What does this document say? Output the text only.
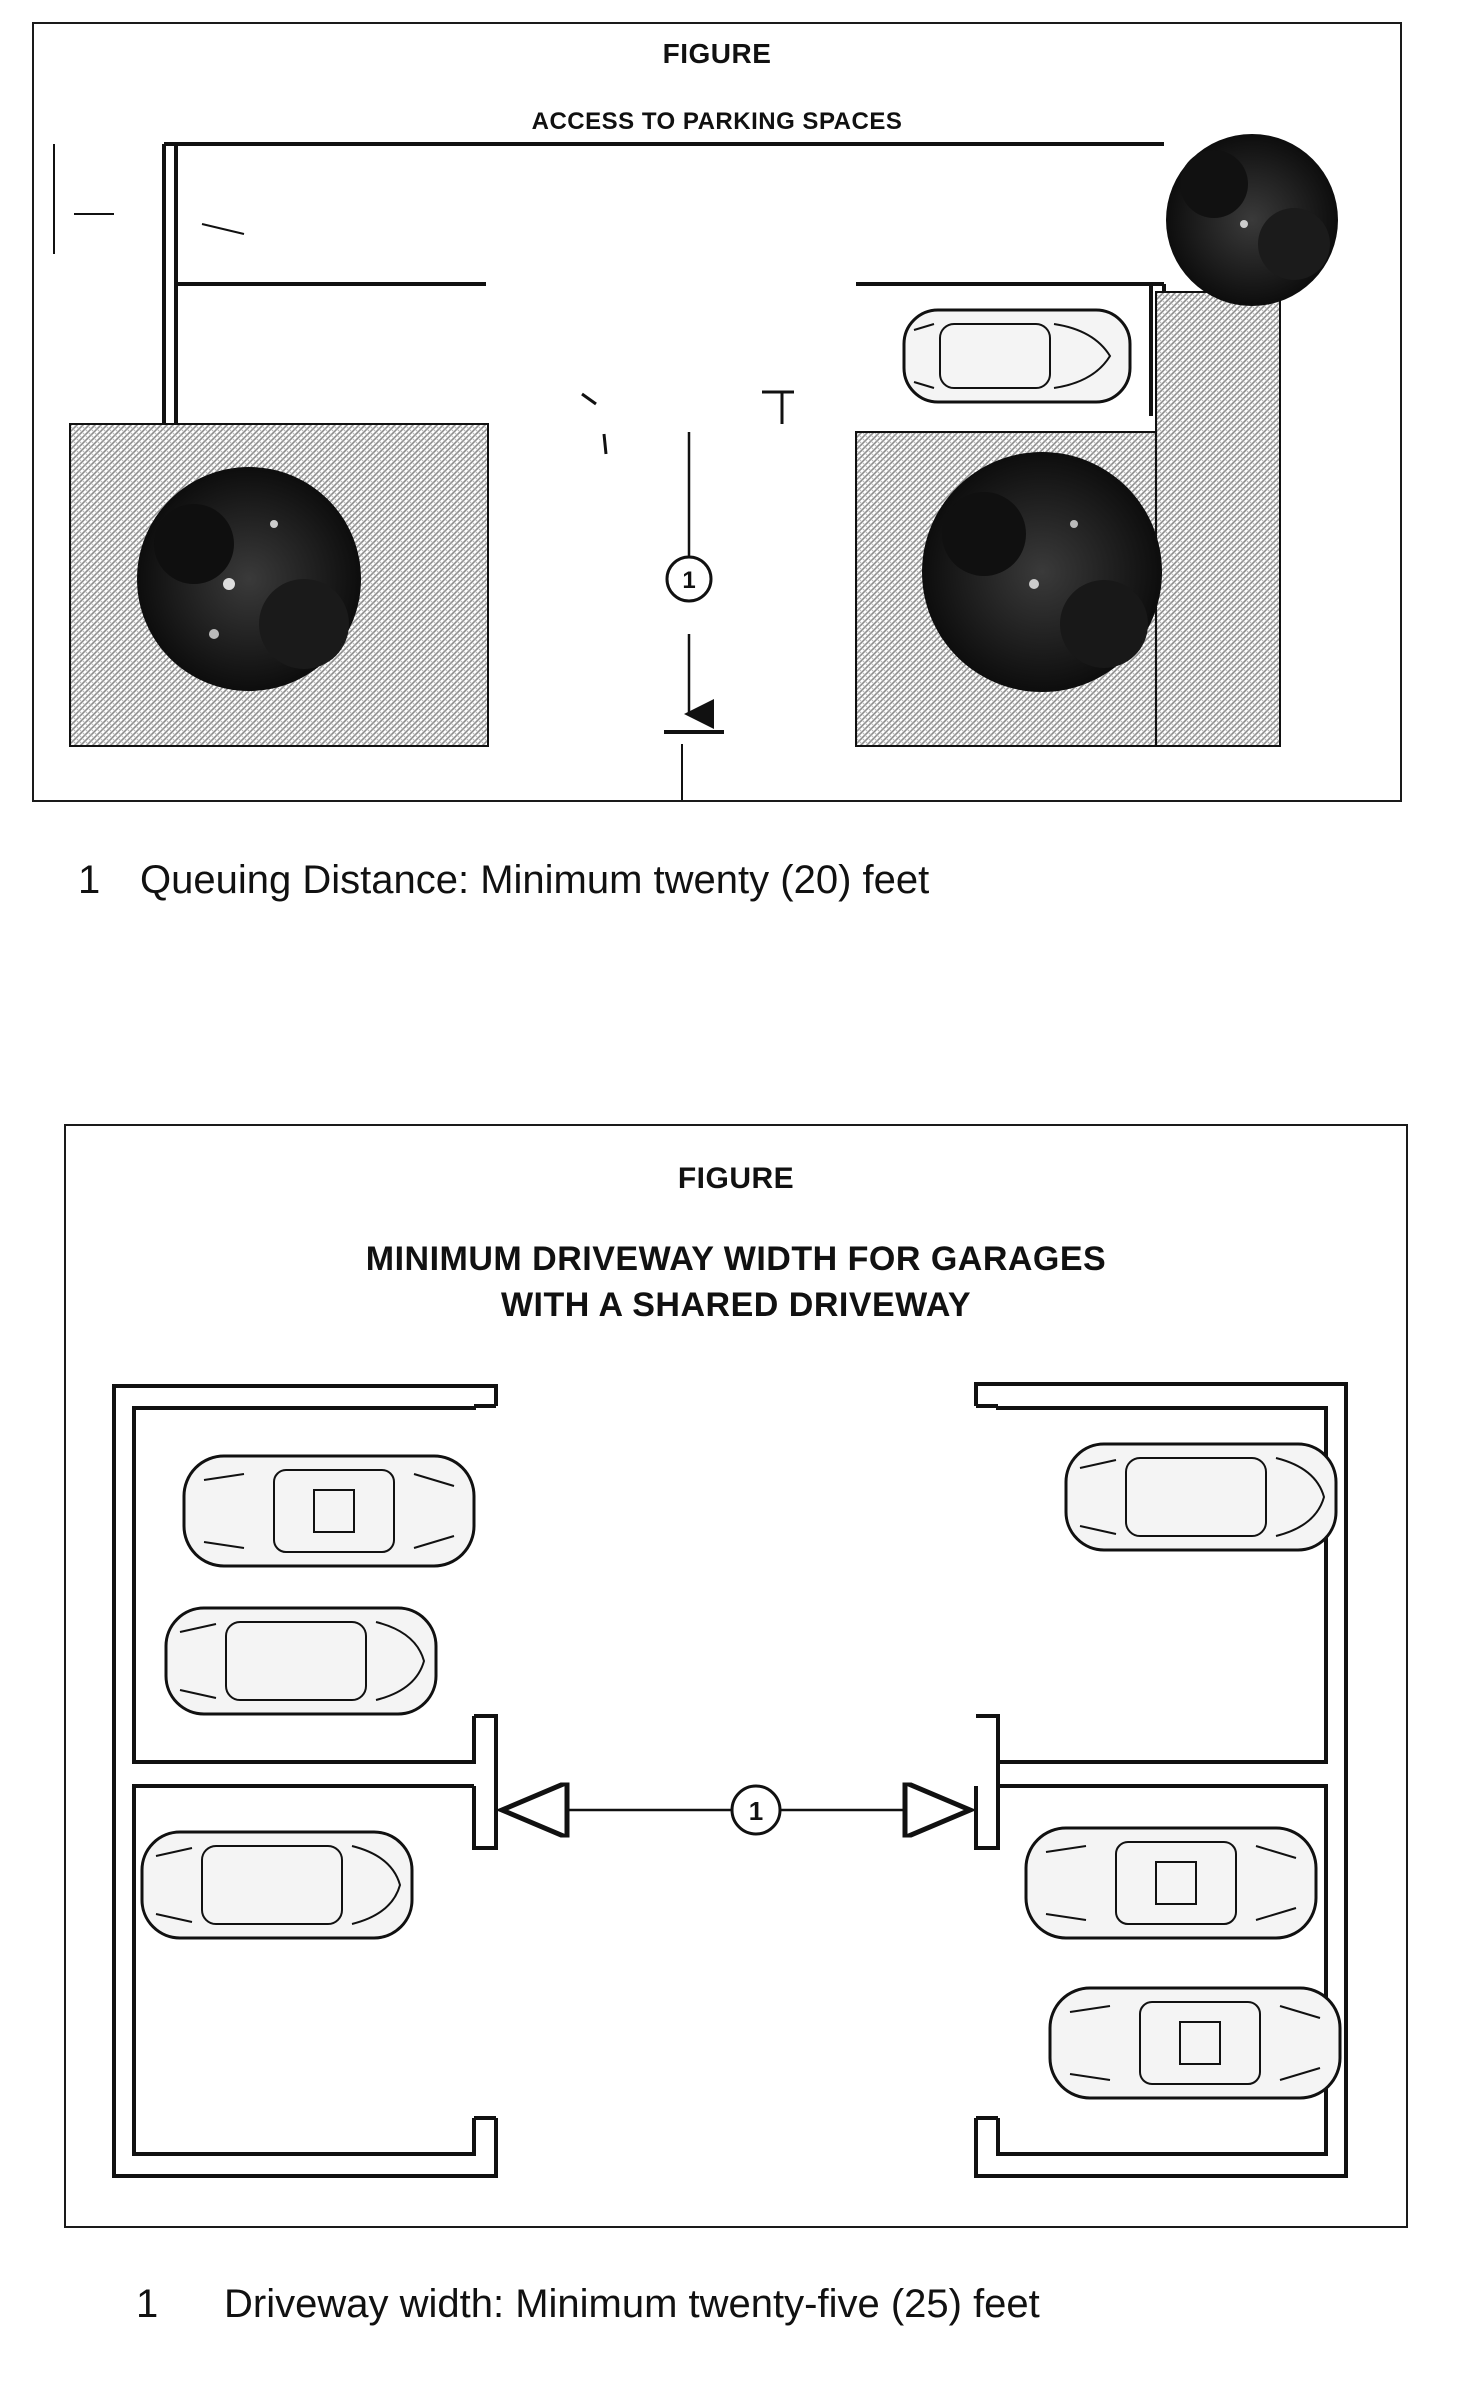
1
FIGURE
ACCESS TO PARKING SPACES
1 Queuing Distance: Minimum twenty (20) feet
1
FIGURE
MINIMUM DRIVEWAY WIDTH FOR GARAGES
WITH A SHARED DRIVEWAY
1 Driveway width: Minimum twenty-five (25) feet
